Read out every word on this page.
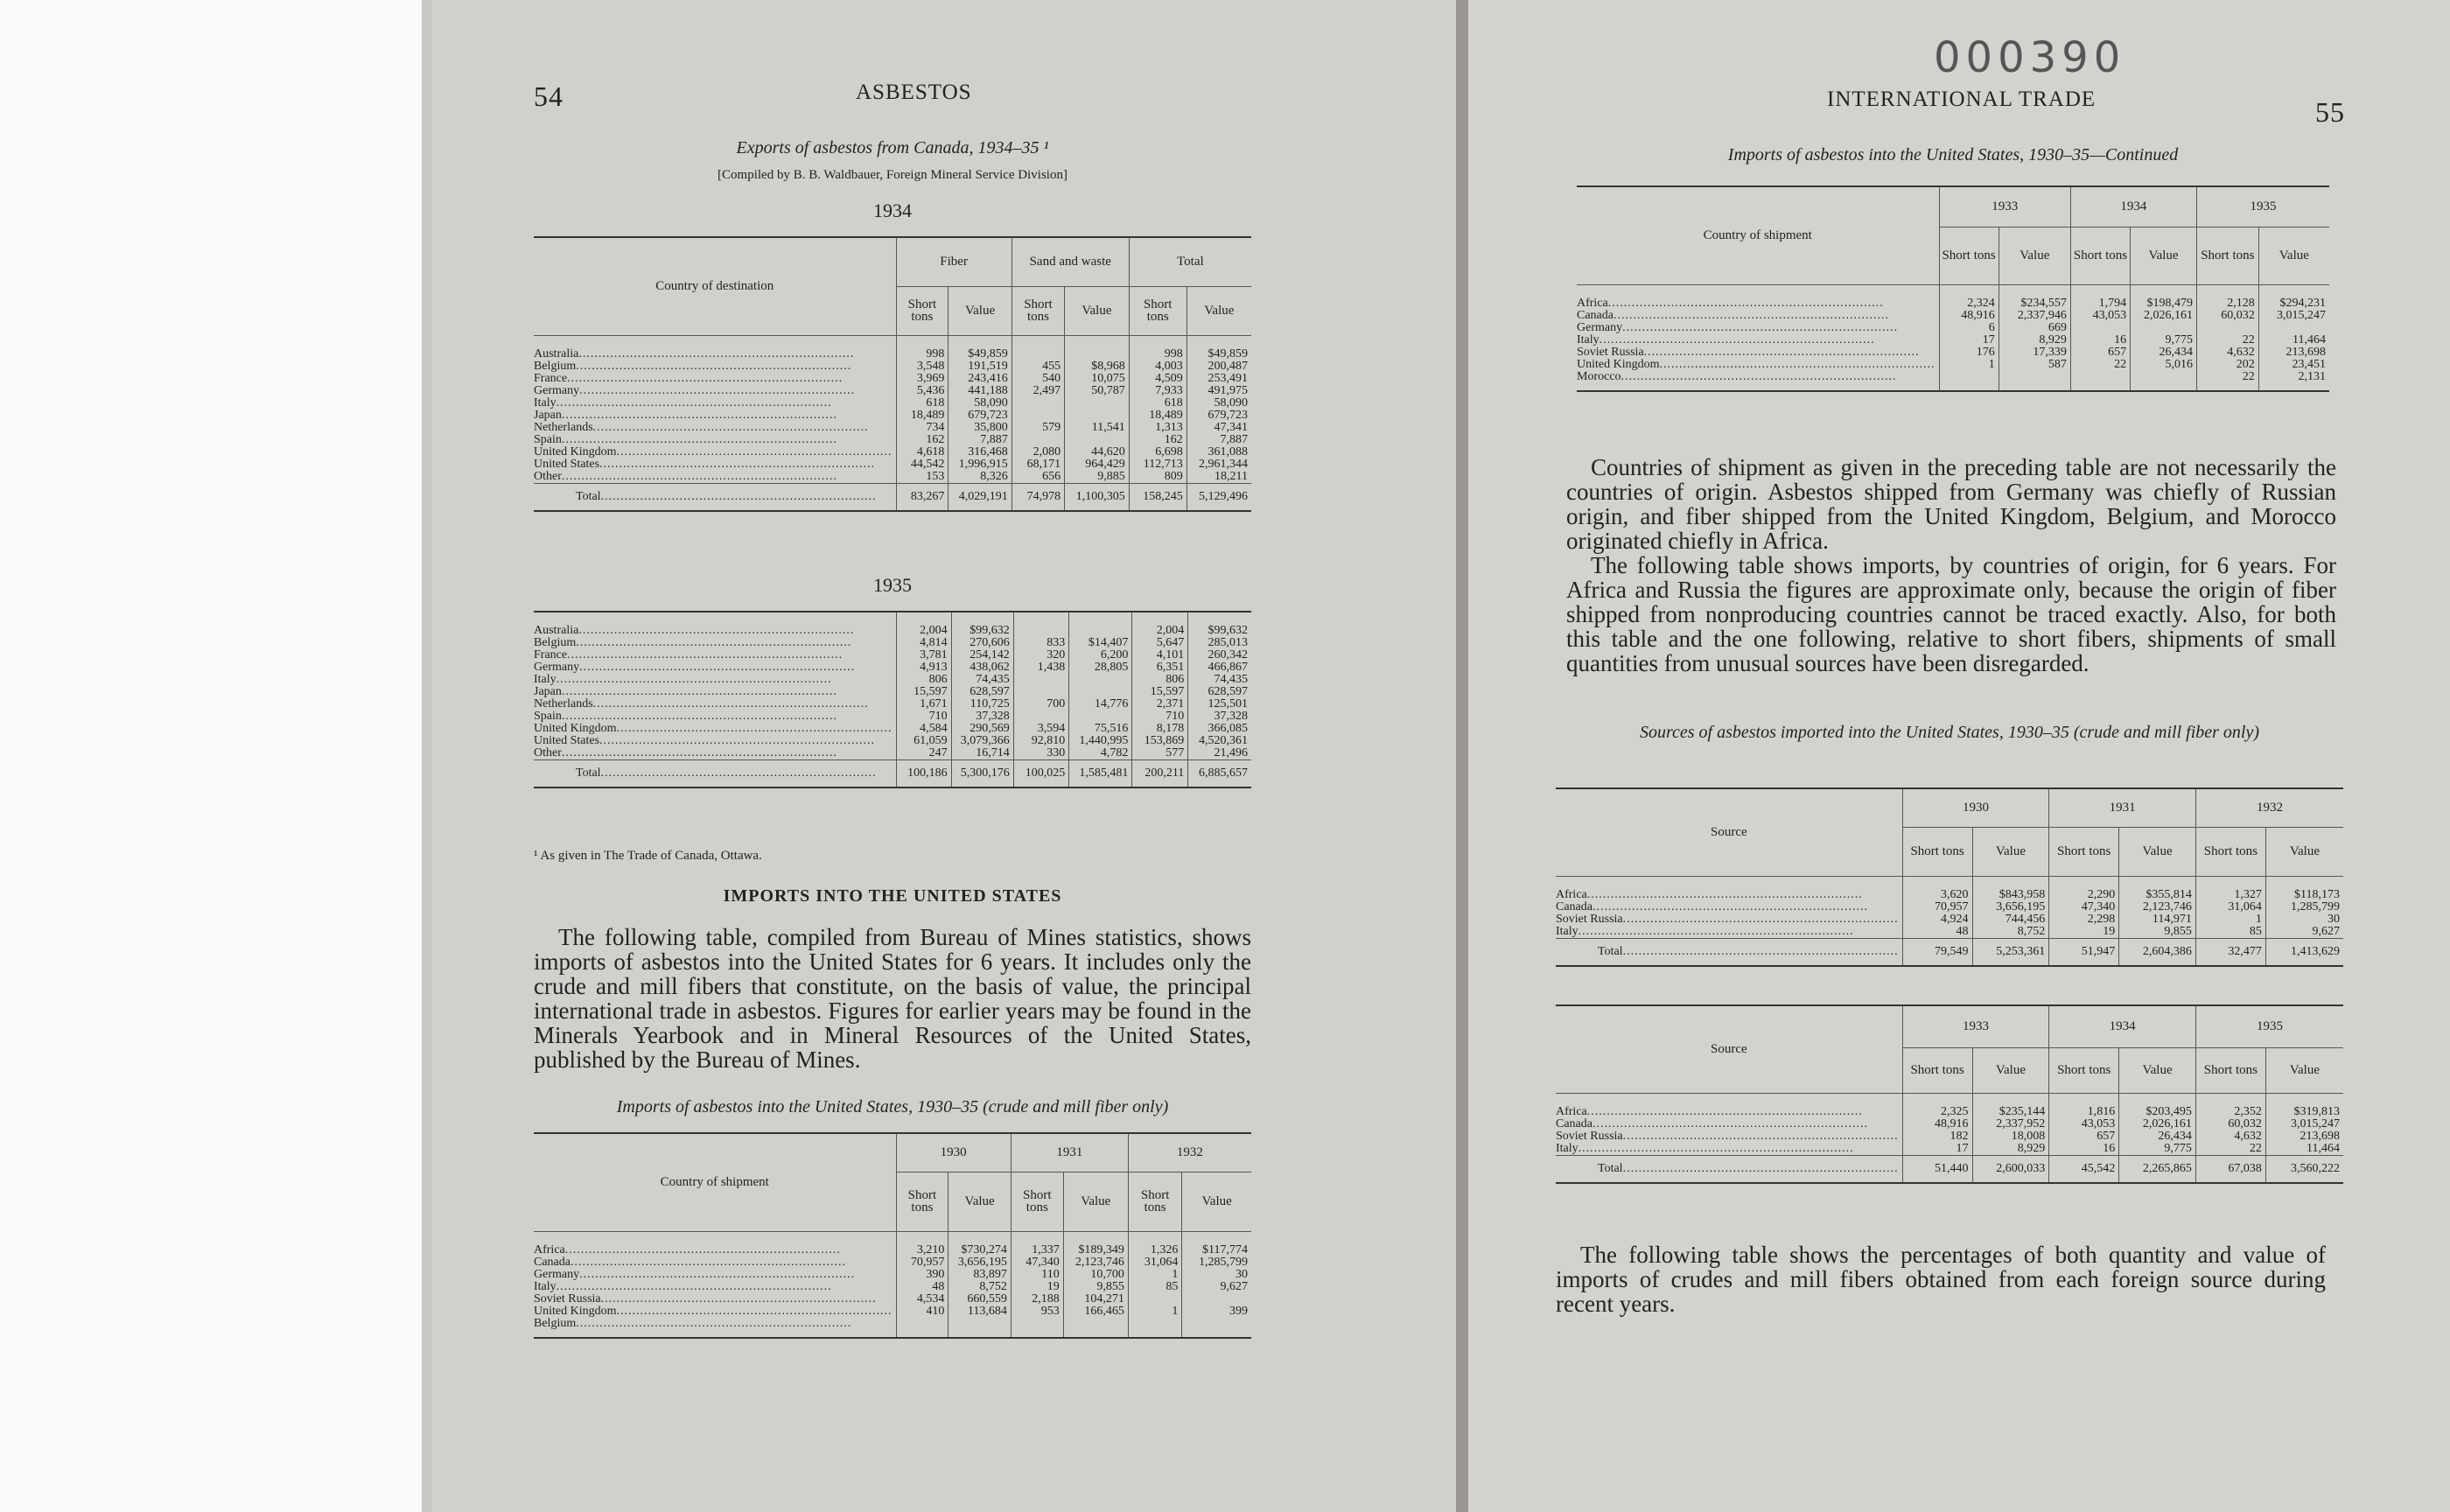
54	ASBESTOS
Exports of asbestos from Canada, 1934–35 ¹
[Compiled by B. B. Waldbauer, Foreign Mineral Service Division]
1934
Country of destination	Fiber		Sand and waste		Total	
	Short tons	Value	Short tons	Value	Short tons	Value
Australia .....	998	$49,859			998	$49,859
Belgium .....	3,548	191,519	455	$8,968	4,003	200,487
France .....	3,969	243,416	540	10,075	4,509	253,491
Germany .....	5,436	441,188	2,497	50,787	7,933	491,975
Italy .....	618	58,090			618	58,090
Japan .....	18,489	679,723			18,489	679,723
Netherlands .....	734	35,800	579	11,541	1,313	47,341
Spain .....	162	7,887			162	7,887
United Kingdom .....	4,618	316,468	2,080	44,620	6,698	361,088
United States .....	44,542	1,996,915	68,171	964,429	112,713	2,961,344
Other .....	153	8,326	656	9,885	809	18,211
Total .....	83,267	4,029,191	74,978	1,100,305	158,245	5,129,496
1935
Australia .....	2,004	$99,632			2,004	$99,632
Belgium .....	4,814	270,606	833	$14,407	5,647	285,013
France .....	3,781	254,142	320	6,200	4,101	260,342
Germany .....	4,913	438,062	1,438	28,805	6,351	466,867
Italy .....	806	74,435			806	74,435
Japan .....	15,597	628,597			15,597	628,597
Netherlands .....	1,671	110,725	700	14,776	2,371	125,501
Spain .....	710	37,328			710	37,328
United Kingdom .....	4,584	290,569	3,594	75,516	8,178	366,085
United States .....	61,059	3,079,366	92,810	1,440,995	153,869	4,520,361
Other .....	247	16,714	330	4,782	577	21,496
Total .....	100,186	5,300,176	100,025	1,585,481	200,211	6,885,657
¹ As given in The Trade of Canada, Ottawa.
IMPORTS INTO THE UNITED STATES
The following table, compiled from Bureau of Mines statistics, shows imports of asbestos into the United States for 6 years. It includes only the crude and mill fibers that constitute, on the basis of value, the principal international trade in asbestos. Figures for earlier years may be found in the Minerals Yearbook and in Mineral Resources of the United States, published by the Bureau of Mines.
Imports of asbestos into the United States, 1930–35 (crude and mill fiber only)
Country of shipment	1930		1931		1932	
	Short tons	Value	Short tons	Value	Short tons	Value
Africa .....	3,210	$730,274	1,337	$189,349	1,326	$117,774
Canada .....	70,957	3,656,195	47,340	2,123,746	31,064	1,285,799
Germany .....	390	83,897	110	10,700	1	30
Italy .....	48	8,752	19	9,855	85	9,627
Soviet Russia .....	4,534	660,559	2,188	104,271		
United Kingdom .....	410	113,684	953	166,465	1	399
Belgium .....						
000390
INTERNATIONAL TRADE	55
Imports of asbestos into the United States, 1930–35—Continued
Country of shipment	1933		1934		1935	
	Short tons	Value	Short tons	Value	Short tons	Value
Africa .....	2,324	$234,557	1,794	$198,479	2,128	$294,231
Canada .....	48,916	2,337,946	43,053	2,026,161	60,032	3,015,247
Germany .....	6	669				
Italy .....	17	8,929	16	9,775	22	11,464
Soviet Russia .....	176	17,339	657	26,434	4,632	213,698
United Kingdom .....	1	587	22	5,016	202	23,451
Morocco .....					22	2,131
Countries of shipment as given in the preceding table are not necessarily the countries of origin. Asbestos shipped from Germany was chiefly of Russian origin, and fiber shipped from the United Kingdom, Belgium, and Morocco originated chiefly in Africa.
The following table shows imports, by countries of origin, for 6 years. For Africa and Russia the figures are approximate only, because the origin of fiber shipped from nonproducing countries cannot be traced exactly. Also, for both this table and the one following, relative to short fibers, shipments of small quantities from unusual sources have been disregarded.
Sources of asbestos imported into the United States, 1930–35 (crude and mill fiber only)
Source	1930		1931		1932	
	Short tons	Value	Short tons	Value	Short tons	Value
Africa .....	3,620	$843,958	2,290	$355,814	1,327	$118,173
Canada .....	70,957	3,656,195	47,340	2,123,746	31,064	1,285,799
Soviet Russia .....	4,924	744,456	2,298	114,971	1	30
Italy .....	48	8,752	19	9,855	85	9,627
Total .....	79,549	5,253,361	51,947	2,604,386	32,477	1,413,629
Source	1933		1934		1935	
	Short tons	Value	Short tons	Value	Short tons	Value
Africa .....	2,325	$235,144	1,816	$203,495	2,352	$319,813
Canada .....	48,916	2,337,952	43,053	2,026,161	60,032	3,015,247
Soviet Russia .....	182	18,008	657	26,434	4,632	213,698
Italy .....	17	8,929	16	9,775	22	11,464
Total .....	51,440	2,600,033	45,542	2,265,865	67,038	3,560,222
The following table shows the percentages of both quantity and value of imports of crudes and mill fibers obtained from each foreign source during recent years.
